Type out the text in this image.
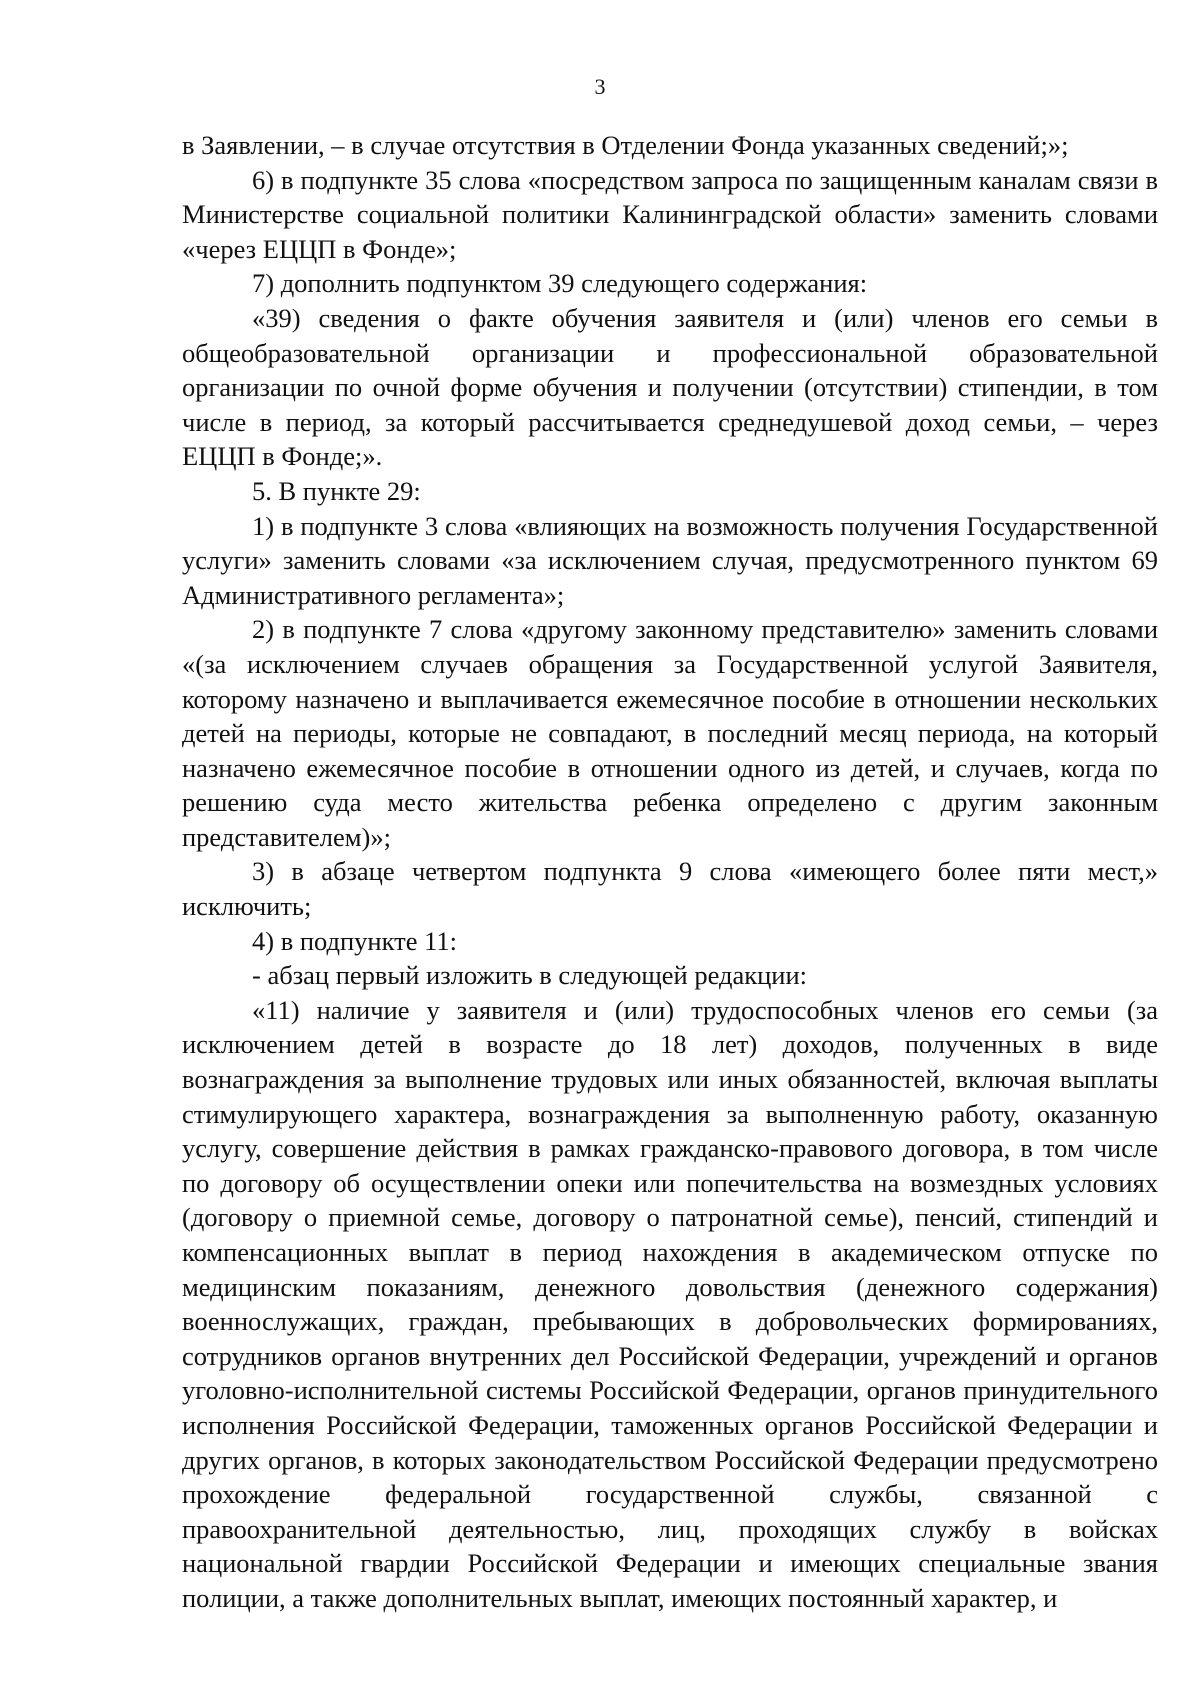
3

в Заявлении, – в случае отсутствия в Отделении Фонда указанных сведений;»;

6) в подпункте 35 слова «посредством запроса по защищенным каналам связи в Министерстве социальной политики Калининградской области» заменить словами «через ЕЦЦП в Фонде»;

7) дополнить подпунктом 39 следующего содержания:

«39) сведения о факте обучения заявителя и (или) членов его семьи в общеобразовательной организации и профессиональной образовательной организации по очной форме обучения и получении (отсутствии) стипендии, в том числе в период, за который рассчитывается среднедушевой доход семьи, – через ЕЦЦП в Фонде;».

5. В пункте 29:

1) в подпункте 3 слова «влияющих на возможность получения Государственной услуги» заменить словами «за исключением случая, предусмотренного пунктом 69 Административного регламента»;

2) в подпункте 7 слова «другому законному представителю» заменить словами «(за исключением случаев обращения за Государственной услугой Заявителя, которому назначено и выплачивается ежемесячное пособие в отношении нескольких детей на периоды, которые не совпадают, в последний месяц периода, на который назначено ежемесячное пособие в отношении одного из детей, и случаев, когда по решению суда место жительства ребенка определено с другим законным представителем)»;

3) в абзаце четвертом подпункта 9 слова «имеющего более пяти мест,» исключить;

4) в подпункте 11:

- абзац первый изложить в следующей редакции:

«11) наличие у заявителя и (или) трудоспособных членов его семьи (за исключением детей в возрасте до 18 лет) доходов, полученных в виде вознаграждения за выполнение трудовых или иных обязанностей, включая выплаты стимулирующего характера, вознаграждения за выполненную работу, оказанную услугу, совершение действия в рамках гражданско-правового договора, в том числе по договору об осуществлении опеки или попечительства на возмездных условиях (договору о приемной семье, договору о патронатной семье), пенсий, стипендий и компенсационных выплат в период нахождения в академическом отпуске по медицинским показаниям, денежного довольствия (денежного содержания) военнослужащих, граждан, пребывающих в добровольческих формированиях, сотрудников органов внутренних дел Российской Федерации, учреждений и органов уголовно-исполнительной системы Российской Федерации, органов принудительного исполнения Российской Федерации, таможенных органов Российской Федерации и других органов, в которых законодательством Российской Федерации предусмотрено прохождение федеральной государственной службы, связанной с правоохранительной деятельностью, лиц, проходящих службу в войсках национальной гвардии Российской Федерации и имеющих специальные звания полиции, а также дополнительных выплат, имеющих постоянный характер, и
